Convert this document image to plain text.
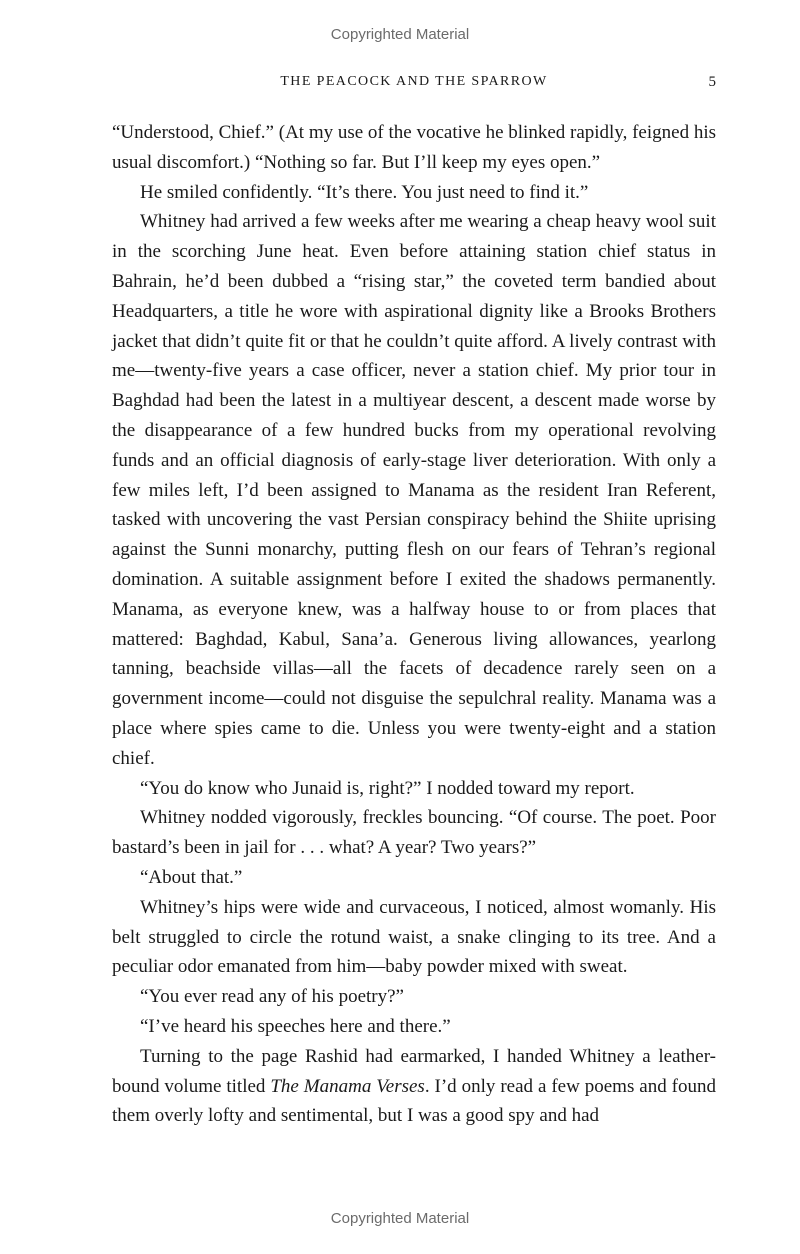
Copyrighted Material
THE PEACOCK AND THE SPARROW	5

“Understood, Chief.” (At my use of the vocative he blinked rapidly, feigned his usual discomfort.) “Nothing so far. But I’ll keep my eyes open.”

He smiled confidently. “It’s there. You just need to find it.”

Whitney had arrived a few weeks after me wearing a cheap heavy wool suit in the scorching June heat. Even before attaining station chief status in Bahrain, he’d been dubbed a “rising star,” the coveted term bandied about Headquarters, a title he wore with aspirational dignity like a Brooks Brothers jacket that didn’t quite fit or that he couldn’t quite afford. A lively contrast with me—twenty-five years a case officer, never a station chief. My prior tour in Baghdad had been the latest in a multiyear descent, a descent made worse by the disappearance of a few hundred bucks from my operational revolving funds and an official diagnosis of early-stage liver deterioration. With only a few miles left, I’d been assigned to Manama as the resident Iran Referent, tasked with uncovering the vast Persian conspiracy behind the Shiite uprising against the Sunni monarchy, putting flesh on our fears of Tehran’s regional domination. A suitable assignment before I exited the shadows permanently. Manama, as everyone knew, was a halfway house to or from places that mattered: Baghdad, Kabul, Sana’a. Generous living allowances, yearlong tanning, beachside villas—all the facets of decadence rarely seen on a government income—could not disguise the sepulchral reality. Manama was a place where spies came to die. Unless you were twenty-eight and a station chief.

“You do know who Junaid is, right?” I nodded toward my report.

Whitney nodded vigorously, freckles bouncing. “Of course. The poet. Poor bastard’s been in jail for . . . what? A year? Two years?”

“About that.”

Whitney’s hips were wide and curvaceous, I noticed, almost womanly. His belt struggled to circle the rotund waist, a snake clinging to its tree. And a peculiar odor emanated from him—baby powder mixed with sweat.

“You ever read any of his poetry?”

“I’ve heard his speeches here and there.”

Turning to the page Rashid had earmarked, I handed Whitney a leather-bound volume titled The Manama Verses. I’d only read a few poems and found them overly lofty and sentimental, but I was a good spy and had

Copyrighted Material
